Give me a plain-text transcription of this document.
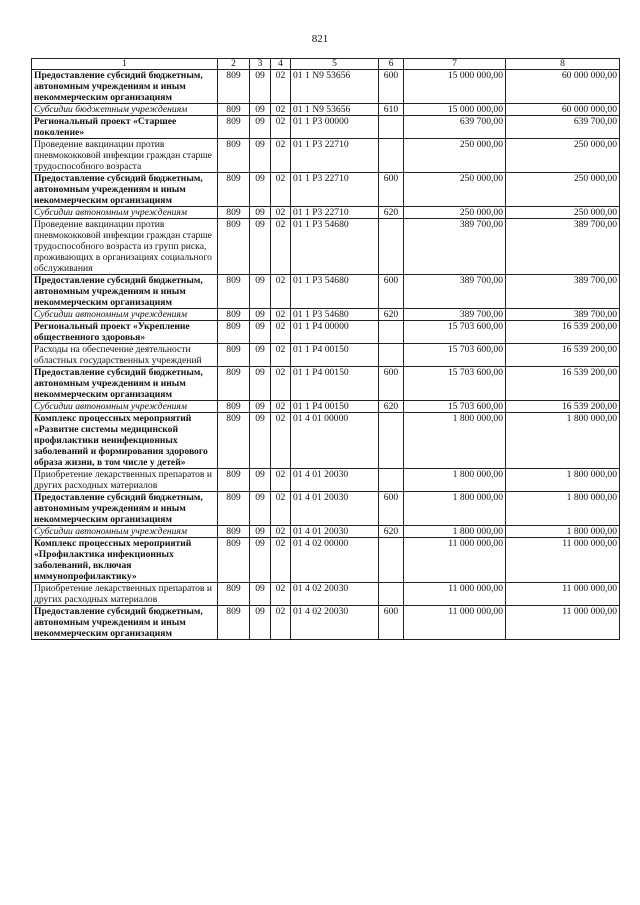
821
1	2	3	4	5	6	7	8
Предоставление субсидий бюджетным, автономным учреждениям и иным некоммерческим организациям	809	09	02	01 1 N9 53656	600	15 000 000,00	60 000 000,00
Субсидии бюджетным учреждениям	809	09	02	01 1 N9 53656	610	15 000 000,00	60 000 000,00
Региональный проект «Старшее поколение»	809	09	02	01 1 P3 00000		639 700,00	639 700,00
Проведение вакцинации против пневмококковой инфекции граждан старше трудоспособного возраста	809	09	02	01 1 P3 22710		250 000,00	250 000,00
Предоставление субсидий бюджетным, автономным учреждениям и иным некоммерческим организациям	809	09	02	01 1 P3 22710	600	250 000,00	250 000,00
Субсидии автономным учреждениям	809	09	02	01 1 P3 22710	620	250 000,00	250 000,00
Проведение вакцинации против пневмококковой инфекции граждан старше трудоспособного возраста из групп риска, проживающих в организациях социального обслуживания	809	09	02	01 1 P3 54680		389 700,00	389 700,00
Предоставление субсидий бюджетным, автономным учреждениям и иным некоммерческим организациям	809	09	02	01 1 P3 54680	600	389 700,00	389 700,00
Субсидии автономным учреждениям	809	09	02	01 1 P3 54680	620	389 700,00	389 700,00
Региональный проект «Укрепление общественного здоровья»	809	09	02	01 1 P4 00000		15 703 600,00	16 539 200,00
Расходы на обеспечение деятельности областных государственных учреждений	809	09	02	01 1 P4 00150		15 703 600,00	16 539 200,00
Предоставление субсидий бюджетным, автономным учреждениям и иным некоммерческим организациям	809	09	02	01 1 P4 00150	600	15 703 600,00	16 539 200,00
Субсидии автономным учреждениям	809	09	02	01 1 P4 00150	620	15 703 600,00	16 539 200,00
Комплекс процессных мероприятий «Развитие системы медицинской профилактики неинфекционных заболеваний и формирования здорового образа жизни, в том числе у детей»	809	09	02	01 4 01 00000		1 800 000,00	1 800 000,00
Приобретение лекарственных препаратов и других расходных материалов	809	09	02	01 4 01 20030		1 800 000,00	1 800 000,00
Предоставление субсидий бюджетным, автономным учреждениям и иным некоммерческим организациям	809	09	02	01 4 01 20030	600	1 800 000,00	1 800 000,00
Субсидии автономным учреждениям	809	09	02	01 4 01 20030	620	1 800 000,00	1 800 000,00
Комплекс процессных мероприятий «Профилактика инфекционных заболеваний, включая иммунопрофилактику»	809	09	02	01 4 02 00000		11 000 000,00	11 000 000,00
Приобретение лекарственных препаратов и других расходных материалов	809	09	02	01 4 02 20030		11 000 000,00	11 000 000,00
Предоставление субсидий бюджетным, автономным учреждениям и иным некоммерческим организациям	809	09	02	01 4 02 20030	600	11 000 000,00	11 000 000,00
